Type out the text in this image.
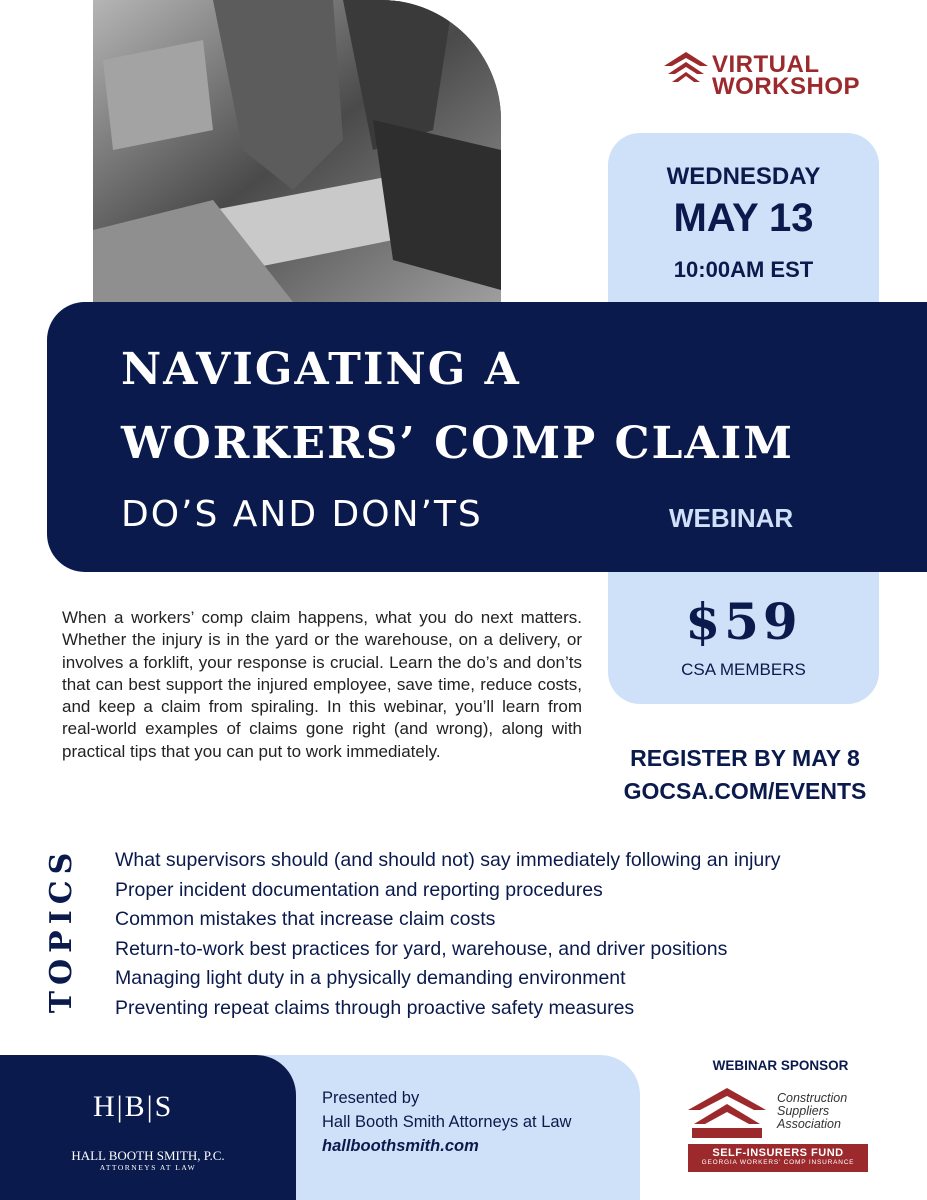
VIRTUAL
WORKSHOP
WEDNESDAY
MAY 13
10:00AM EST
NAVIGATING A
WORKERS’ COMP CLAIM
DO’S AND DON’TS	WEBINAR
$59
CSA MEMBERS
When a workers’ comp claim happens, what you do next matters. Whether the injury is in the yard or the warehouse, on a delivery, or involves a forklift, your response is crucial. Learn the do’s and don’ts that can best support the injured employee, save time, reduce costs, and keep a claim from spiraling. In this webinar, you’ll learn from real-world examples of claims gone right (and wrong), along with practical tips that you can put to work immediately.	REGISTER BY MAY 8
GOCSA.COM/EVENTS
TOPICS What supervisors should (and should not) say immediately following an injury
Proper incident documentation and reporting procedures
Common mistakes that increase claim costs
Return-to-work best practices for yard, warehouse, and driver positions
Managing light duty in a physically demanding environment
Preventing repeat claims through proactive safety measures
H|B|S
HALL BOOTH SMITH, P.C.
ATTORNEYS AT LAW
Presented by
Hall Booth Smith Attorneys at Law
hallboothsmith.com
WEBINAR SPONSOR
Construction
Suppliers
Association
SELF-INSURERS FUND
GEORGIA WORKERS’ COMP INSURANCE
